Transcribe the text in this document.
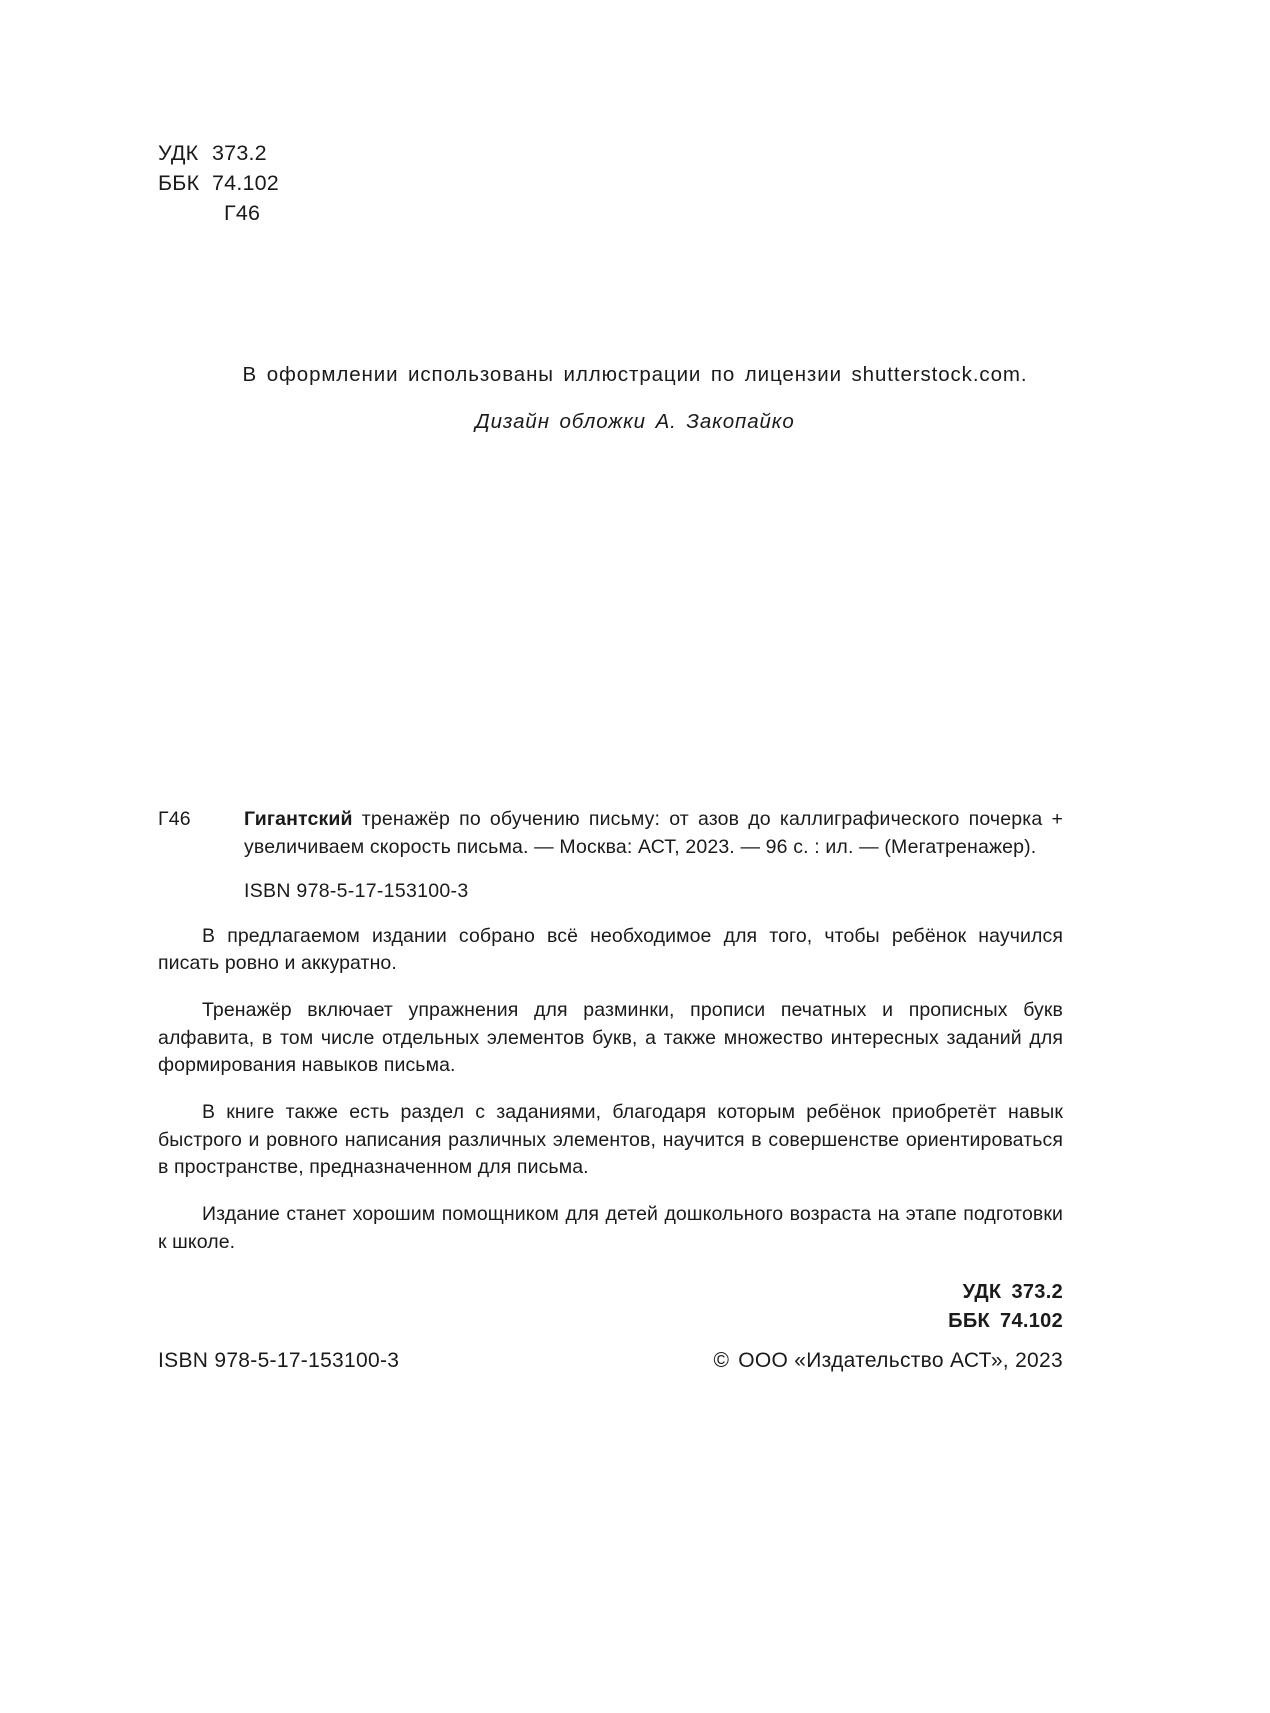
УДК 373.2
ББК 74.102
Г46
В оформлении использованы иллюстрации по лицензии shutterstock.com.
Дизайн обложки А. Закопайко
Г46	Гигантский тренажёр по обучению письму: от азов до каллиграфического почерка + увеличиваем скорость письма. — Москва: АСТ, 2023. — 96 с. : ил. — (Мегатренажер).
ISBN 978-5-17-153100-3

В предлагаемом издании собрано всё необходимое для того, чтобы ребёнок научился писать ровно и аккуратно.

Тренажёр включает упражнения для разминки, прописи печатных и прописных букв алфавита, в том числе отдельных элементов букв, а также множество интересных заданий для формирования навыков письма.

В книге также есть раздел с заданиями, благодаря которым ребёнок приобретёт навык быстрого и ровного написания различных элементов, научится в совершенстве ориентироваться в пространстве, предназначенном для письма.

Издание станет хорошим помощником для детей дошкольного возраста на этапе подготовки к школе.

УДК 373.2
ББК 74.102
ISBN 978-5-17-153100-3	© ООО «Издательство АСТ», 2023
